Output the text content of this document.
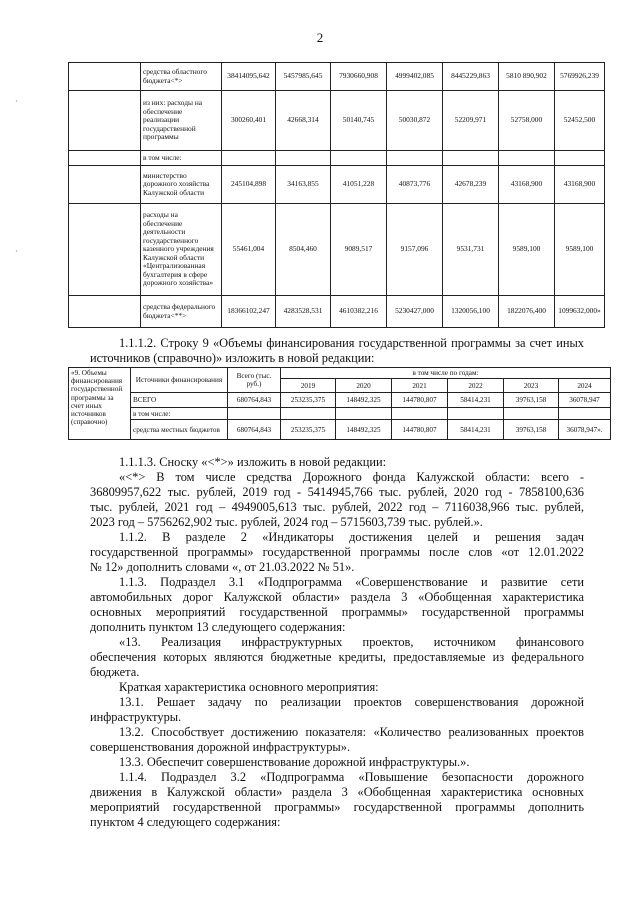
2
·
·
	средства областного бюджета<*>	38414095,642	5457985,645	7930660,908	4999402,085	8445229,863	5810 890,902	5769926,239
	из них: расходы на обеспечение реализации государственной программы	300260,401	42668,314	50140,745	50030,872	52209,971	52758,000	52452,500
	в том числе:							
	министерство дорожного хозяйства Калужской области	245104,898	34163,855	41051,228	40873,776	42678,239	43168,900	43168,900
	расходы на обеспечение деятельности государственного казенного учреждения Калужской области «Централизованная бухгалтерия в сфере дорожного хозяйства»	55461,004	8504,460	9089,517	9157,096	9531,731	9589,100	9589,100
	средства федерального бюджета<**>	18366102,247	4283528,531	4610382,216	5230427,000	1320056,100	1822076,400	1099632,000»
1.1.1.2. Строку 9 «Объемы финансирования государственной программы за счет иных источников (справочно)» изложить в новой редакции:
«9. Объемы финансирования государственной программы за счет иных источников (справочно)	Источники финансирования	Всего (тыс. руб.)	в том числе по годам:					
			2019	2020	2021	2022	2023	2024
	ВСЕГО	680764,843	253235,375	148492,325	144780,807	58414,231	39763,158	36078,947
	в том числе:							
	средства местных бюджетов	680764,843	253235,375	148492,325	144780,807	58414,231	39763,158	36078,947».
1.1.1.3. Сноску «<*>» изложить в новой редакции:
«<*> В том числе средства Дорожного фонда Калужской области: всего -
36809957,622 тыс. рублей, 2019 год - 5414945,766 тыс. рублей, 2020 год - 7858100,636
тыс. рублей, 2021 год – 4949005,613 тыс. рублей, 2022 год – 7116038,966 тыс. рублей,
2023 год – 5756262,902 тыс. рублей, 2024 год – 5715603,739 тыс. рублей.».
1.1.2. В разделе 2 «Индикаторы достижения целей и решения задач
государственной программы» государственной программы после слов «от 12.01.2022
№ 12» дополнить словами «, от 21.03.2022 № 51».
1.1.3. Подраздел 3.1 «Подпрограмма «Совершенствование и развитие сети
автомобильных дорог Калужской области» раздела 3 «Обобщенная характеристика
основных мероприятий государственной программы» государственной программы
дополнить пунктом 13 следующего содержания:
«13. Реализация инфраструктурных проектов, источником финансового
обеспечения которых являются бюджетные кредиты, предоставляемые из федерального
бюджета.
Краткая характеристика основного мероприятия:
13.1. Решает задачу по реализации проектов совершенствования дорожной
инфраструктуры.
13.2. Способствует достижению показателя: «Количество реализованных проектов
совершенствования дорожной инфраструктуры».
13.3. Обеспечит совершенствование дорожной инфраструктуры.».
1.1.4. Подраздел 3.2 «Подпрограмма «Повышение безопасности дорожного
движения в Калужской области» раздела 3 «Обобщенная характеристика основных
мероприятий государственной программы» государственной программы дополнить
пунктом 4 следующего содержания:
